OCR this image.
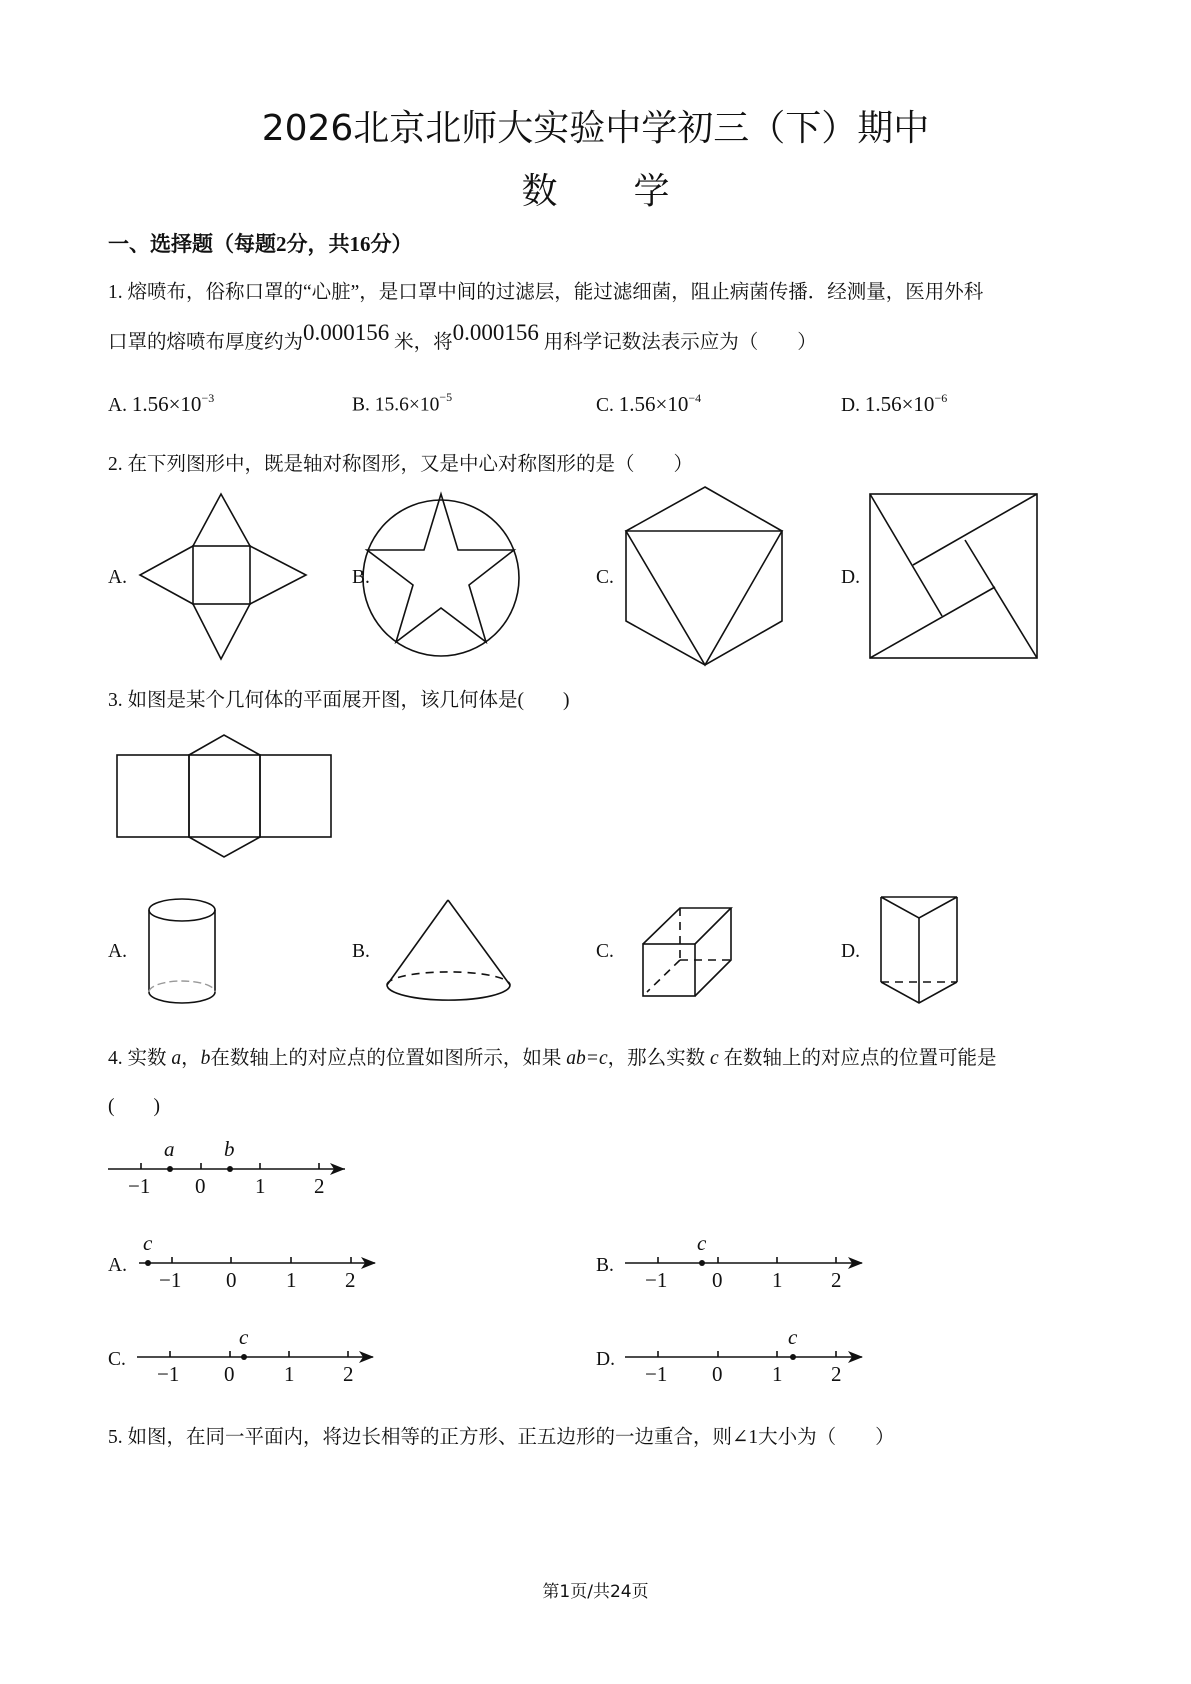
2026北京北师大实验中学初三（下）期中
数 学
一、选择题（每题2分，共16分）
1. 熔喷布，俗称口罩的“心脏”，是口罩中间的过滤层，能过滤细菌，阻止病菌传播．经测量，医用外科
口罩的熔喷布厚度约为0.000156 米，将0.000156 用科学记数法表示应为（　　）
A. $1.56\times 10^{-3}$	B. $15.6\times 10^{-5}$	C. $1.56\times 10^{-4}$	D. $1.56\times 10^{-6}$
2. 在下列图形中，既是轴对称图形，又是中心对称图形的是（　　）
A.	B.	C.	D.
3. 如图是某个几何体的平面展开图，该几何体是(　　)
A.	B.	C.	D.
4. 实数 a，b在数轴上的对应点的位置如图所示，如果 ab=c，那么实数 c 在数轴上的对应点的位置可能是
(　　)
a b
−1 0 1 2
A.
c
−1 0 1 2
B.
c
−1 0 1 2
C.
c
−1 0 1 2
D.
c
−1 0 1 2
5. 如图，在同一平面内，将边长相等的正方形、正五边形的一边重合，则∠1大小为（　　）
第1页/共24页
